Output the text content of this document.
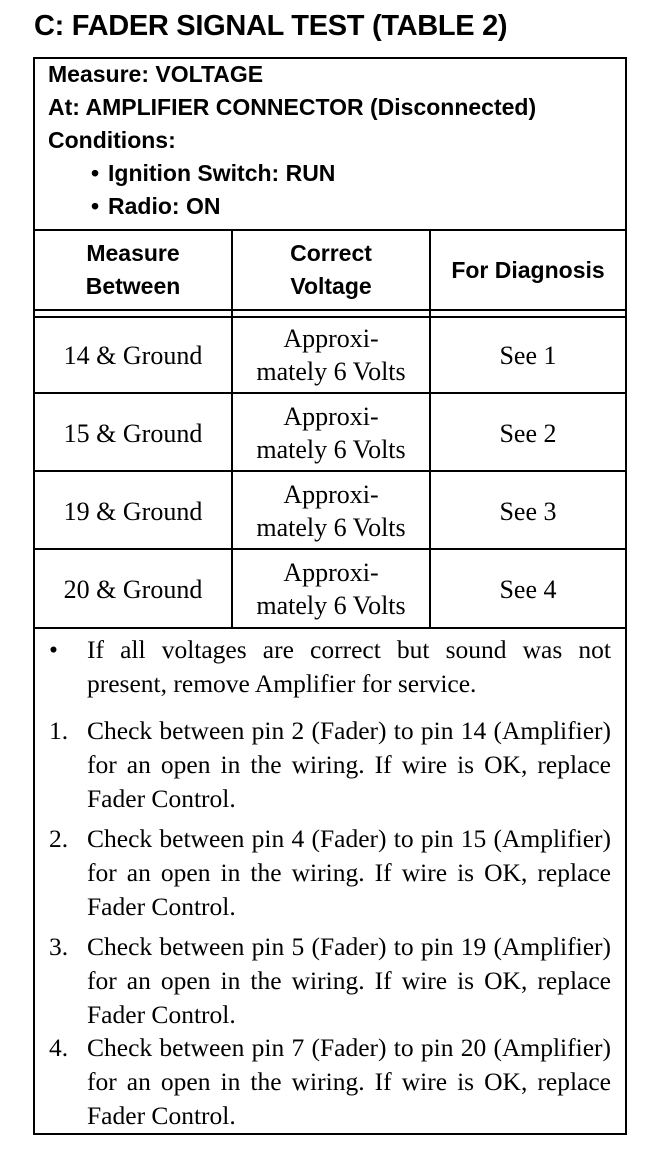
C: FADER SIGNAL TEST (TABLE 2)
Measure: VOLTAGE
At: AMPLIFIER CONNECTOR (Disconnected)
Conditions:
• Ignition Switch: RUN
• Radio: ON
Measure
Between
Correct
Voltage
For Diagnosis
14 & Ground
Approxi-
mately 6 Volts
See 1
15 & Ground
Approxi-
mately 6 Volts
See 2
19 & Ground
Approxi-
mately 6 Volts
See 3
20 & Ground
Approxi-
mately 6 Volts
See 4
• If all voltages are correct but sound was not present, remove Amplifier for service.
1. Check between pin 2 (Fader) to pin 14 (Amplifier) for an open in the wiring. If wire is OK, replace Fader Control.
2. Check between pin 4 (Fader) to pin 15 (Amplifier) for an open in the wiring. If wire is OK, replace Fader Control.
3. Check between pin 5 (Fader) to pin 19 (Amplifier) for an open in the wiring. If wire is OK, replace Fader Control.
4. Check between pin 7 (Fader) to pin 20 (Amplifier) for an open in the wiring. If wire is OK, replace Fader Control.
